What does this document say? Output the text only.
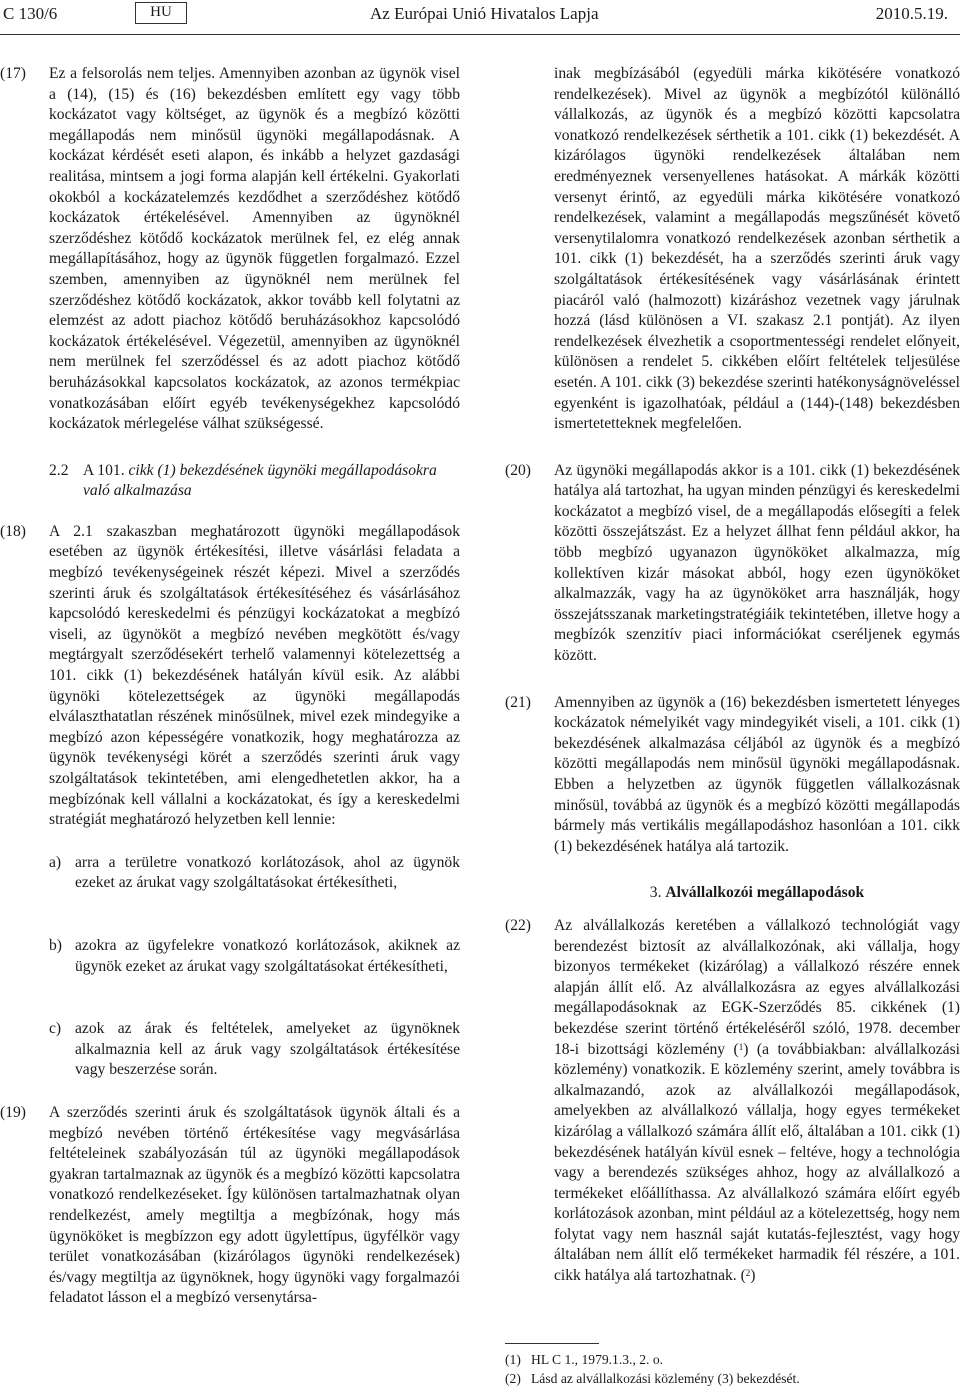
C 130/6	HU	Az Európai Unió Hivatalos Lapja	2010.5.19.
(17)	Ez a felsorolás nem teljes. Amennyiben azonban az ügynök visel a (14), (15) és (16) bekezdésben említett egy vagy több kockázatot vagy költséget, az ügynök és a megbízó közötti megállapodás nem minősül ügynöki megállapodásnak. A kockázat kérdését eseti alapon, és inkább a helyzet gazdasági realitása, mintsem a jogi forma alapján kell értékelni. Gyakorlati okokból a kockázatelemzés kezdődhet a szerződéshez kötődő kockázatok értékelésével. Amennyiben az ügynöknél szerződéshez kötődő kockázatok merülnek fel, ez elég annak megállapításához, hogy az ügynök független forgalmazó. Ezzel szemben, amennyiben az ügynöknél nem merülnek fel szerződéshez kötődő kockázatok, akkor tovább kell folytatni az elemzést az adott piachoz kötődő beruházásokhoz kapcsolódó kockázatok értékelésével. Végezetül, amennyiben az ügynöknél nem merülnek fel szerződéssel és az adott piachoz kötődő beruházásokkal kapcsolatos kockázatok, az azonos termékpiac vonatkozásában előírt egyéb tevékenységekhez kapcsolódó kockázatok mérlegelése válhat szükségessé.
2.2 A 101. cikk (1) bekezdésének ügynöki megállapodásokra való alkalmazása
(18)	A 2.1 szakaszban meghatározott ügynöki megállapodások esetében az ügynök értékesítési, illetve vásárlási feladata a megbízó tevékenységeinek részét képezi. Mivel a szerződés szerinti áruk és szolgáltatások értékesítéséhez és vásárlásához kapcsolódó kereskedelmi és pénzügyi kockázatokat a megbízó viseli, az ügynököt a megbízó nevében megkötött és/vagy megtárgyalt szerződésekért terhelő valamennyi kötelezettség a 101. cikk (1) bekezdésének hatályán kívül esik. Az alábbi ügynöki kötelezettségek az ügynöki megállapodás elválaszthatatlan részének minősülnek, mivel ezek mindegyike a megbízó azon képességére vonatkozik, hogy meghatározza az ügynök tevékenységi körét a szerződés szerinti áruk vagy szolgáltatások tekintetében, ami elengedhetetlen akkor, ha a megbízónak kell vállalni a kockázatokat, és így a kereskedelmi stratégiát meghatározó helyzetben kell lennie:
a) arra a területre vonatkozó korlátozások, ahol az ügynök ezeket az árukat vagy szolgáltatásokat értékesítheti,
b) azokra az ügyfelekre vonatkozó korlátozások, akiknek az ügynök ezeket az árukat vagy szolgáltatásokat értékesítheti,
c) azok az árak és feltételek, amelyeket az ügynöknek alkalmaznia kell az áruk vagy szolgáltatások értékesítése vagy beszerzése során.
(19)	A szerződés szerinti áruk és szolgáltatások ügynök általi és a megbízó nevében történő értékesítése vagy megvásárlása feltételeinek szabályozásán túl az ügynöki megállapodások gyakran tartalmaznak az ügynök és a megbízó közötti kapcsolatra vonatkozó rendelkezéseket. Így különösen tartalmazhatnak olyan rendelkezést, amely megtiltja a megbízónak, hogy más ügynököket is megbízzon egy adott ügylettípus, ügyfélkör vagy terület vonatkozásában (kizárólagos ügynöki rendelkezések) és/vagy megtiltja az ügynöknek, hogy ügynöki vagy forgalmazói feladatot lásson el a megbízó versenytársa-
inak megbízásából (egyedüli márka kikötésére vonatkozó rendelkezések). Mivel az ügynök a megbízótól különálló vállalkozás, az ügynök és a megbízó közötti kapcsolatra vonatkozó rendelkezések sérthetik a 101. cikk (1) bekezdését. A kizárólagos ügynöki rendelkezések általában nem eredményeznek versenyellenes hatásokat. A márkák közötti versenyt érintő, az egyedüli márka kikötésére vonatkozó rendelkezések, valamint a megállapodás megszűnését követő versenytilalomra vonatkozó rendelkezések azonban sérthetik a 101. cikk (1) bekezdését, ha a szerződés szerinti áruk vagy szolgáltatások értékesítésének vagy vásárlásának érintett piacáról való (halmozott) kizáráshoz vezetnek vagy járulnak hozzá (lásd különösen a VI. szakasz 2.1 pontját). Az ilyen rendelkezések élvezhetik a csoportmentességi rendelet előnyeit, különösen a rendelet 5. cikkében előírt feltételek teljesülése esetén. A 101. cikk (3) bekezdése szerinti hatékonyságnöveléssel egyenként is igazolhatóak, például a (144)-(148) bekezdésben ismertetetteknek megfelelően.
(20)	Az ügynöki megállapodás akkor is a 101. cikk (1) bekezdésének hatálya alá tartozhat, ha ugyan minden pénzügyi és kereskedelmi kockázatot a megbízó visel, de a megállapodás elősegíti a felek közötti összejátszást. Ez a helyzet állhat fenn például akkor, ha több megbízó ugyanazon ügynököket alkalmazza, míg kollektíven kizár másokat abból, hogy ezen ügynököket alkalmazzák, vagy ha az ügynököket arra használják, hogy összejátsszanak marketingstratégiáik tekintetében, illetve hogy a megbízók szenzitív piaci információkat cseréljenek egymás között.
(21)	Amennyiben az ügynök a (16) bekezdésben ismertetett lényeges kockázatok némelyikét vagy mindegyikét viseli, a 101. cikk (1) bekezdésének alkalmazása céljából az ügynök és a megbízó közötti megállapodás nem minősül ügynöki megállapodásnak. Ebben a helyzetben az ügynök független vállalkozásnak minősül, továbbá az ügynök és a megbízó közötti megállapodás bármely más vertikális megállapodáshoz hasonlóan a 101. cikk (1) bekezdésének hatálya alá tartozik.
3. Alvállalkozói megállapodások
(22)	Az alvállalkozás keretében a vállalkozó technológiát vagy berendezést biztosít az alvállalkozónak, aki vállalja, hogy bizonyos termékeket (kizárólag) a vállalkozó részére ennek alapján állít elő. Az alvállalkozásra az egyes alvállalkozási megállapodásoknak az EGK-Szerződés 85. cikkének (1) bekezdése szerint történő értékeléséről szóló, 1978. december 18-i bizottsági közlemény ($^1$) (a továbbiakban: alvállalkozási közlemény) vonatkozik. E közlemény szerint, amely továbbra is alkalmazandó, azok az alvállalkozói megállapodások, amelyekben az alvállalkozó vállalja, hogy egyes termékeket kizárólag a vállalkozó számára állít elő, általában a 101. cikk (1) bekezdésének hatályán kívül esnek – feltéve, hogy a technológia vagy a berendezés szükséges ahhoz, hogy az alvállalkozó a termékeket előállíthassa. Az alvállalkozó számára előírt egyéb korlátozások azonban, mint például az a kötelezettség, hogy nem folytat vagy nem használ saját kutatás-fejlesztést, vagy hogy általában nem állít elő termékeket harmadik fél részére, a 101. cikk hatálya alá tartozhatnak. ($^2$)
(1) HL C 1., 1979.1.3., 2. o.
(2) Lásd az alvállalkozási közlemény (3) bekezdését.
